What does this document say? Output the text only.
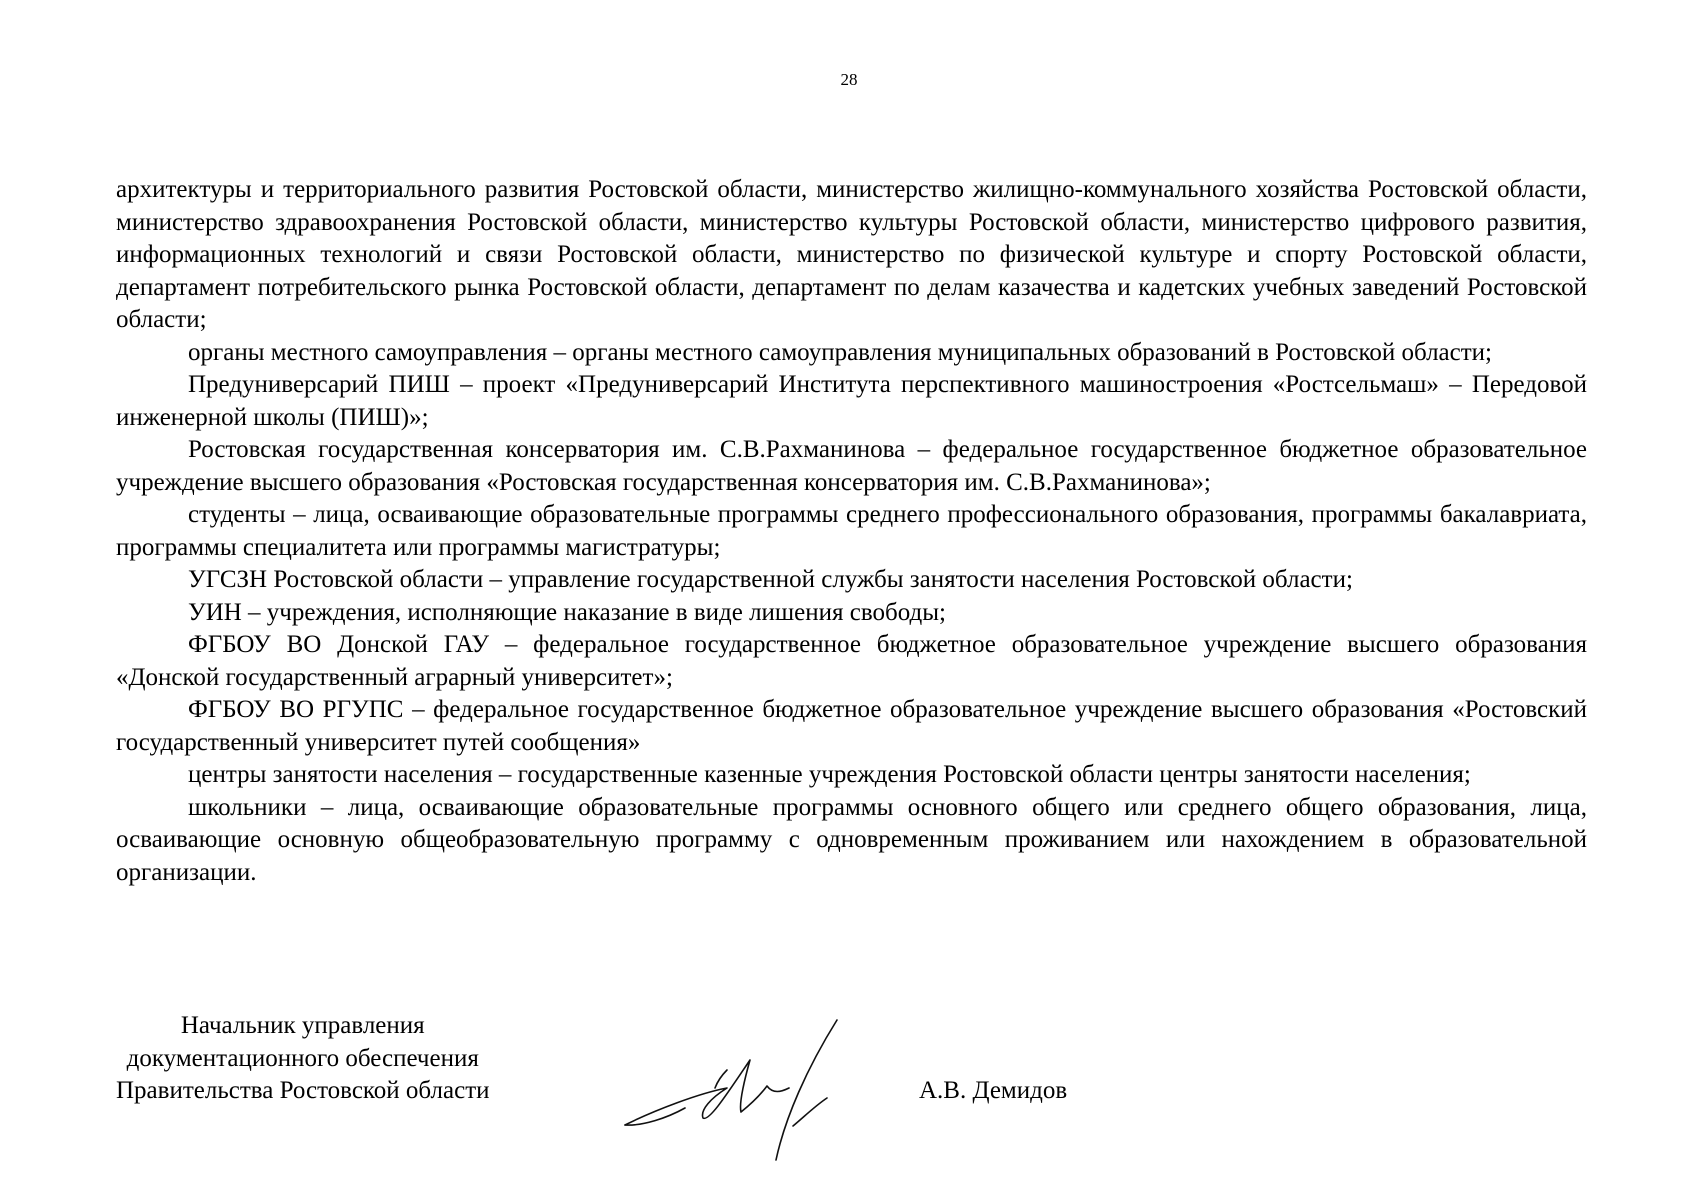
28

архитектуры и территориального развития Ростовской области, министерство жилищно-коммунального хозяйства Ростовской области, министерство здравоохранения Ростовской области, министерство культуры Ростовской области, министерство цифрового развития, информационных технологий и связи Ростовской области, министерство по физической культуре и спорту Ростовской области, департамент потребительского рынка Ростовской области, департамент по делам казачества и кадетских учебных заведений Ростовской области;

органы местного самоуправления – органы местного самоуправления муниципальных образований в Ростовской области;

Предуниверсарий ПИШ – проект «Предуниверсарий Института перспективного машиностроения «Ростсельмаш» – Передовой инженерной школы (ПИШ)»;

Ростовская государственная консерватория им. С.В.Рахманинова – федеральное государственное бюджетное образовательное учреждение высшего образования «Ростовская государственная консерватория им. С.В.Рахманинова»;

студенты – лица, осваивающие образовательные программы среднего профессионального образования, программы бакалавриата, программы специалитета или программы магистратуры;

УГСЗН Ростовской области – управление государственной службы занятости населения Ростовской области;

УИН – учреждения, исполняющие наказание в виде лишения свободы;

ФГБОУ ВО Донской ГАУ – федеральное государственное бюджетное образовательное учреждение высшего образования «Донской государственный аграрный университет»;

ФГБОУ ВО РГУПС – федеральное государственное бюджетное образовательное учреждение высшего образования «Ростовский государственный университет путей сообщения»

центры занятости населения – государственные казенные учреждения Ростовской области центры занятости населения;

школьники – лица, осваивающие образовательные программы основного общего или среднего общего образования, лица, осваивающие основную общеобразовательную программу с одновременным проживанием или нахождением в образовательной организации.

Начальник управления
документационного обеспечения
Правительства Ростовской области	А.В. Демидов
